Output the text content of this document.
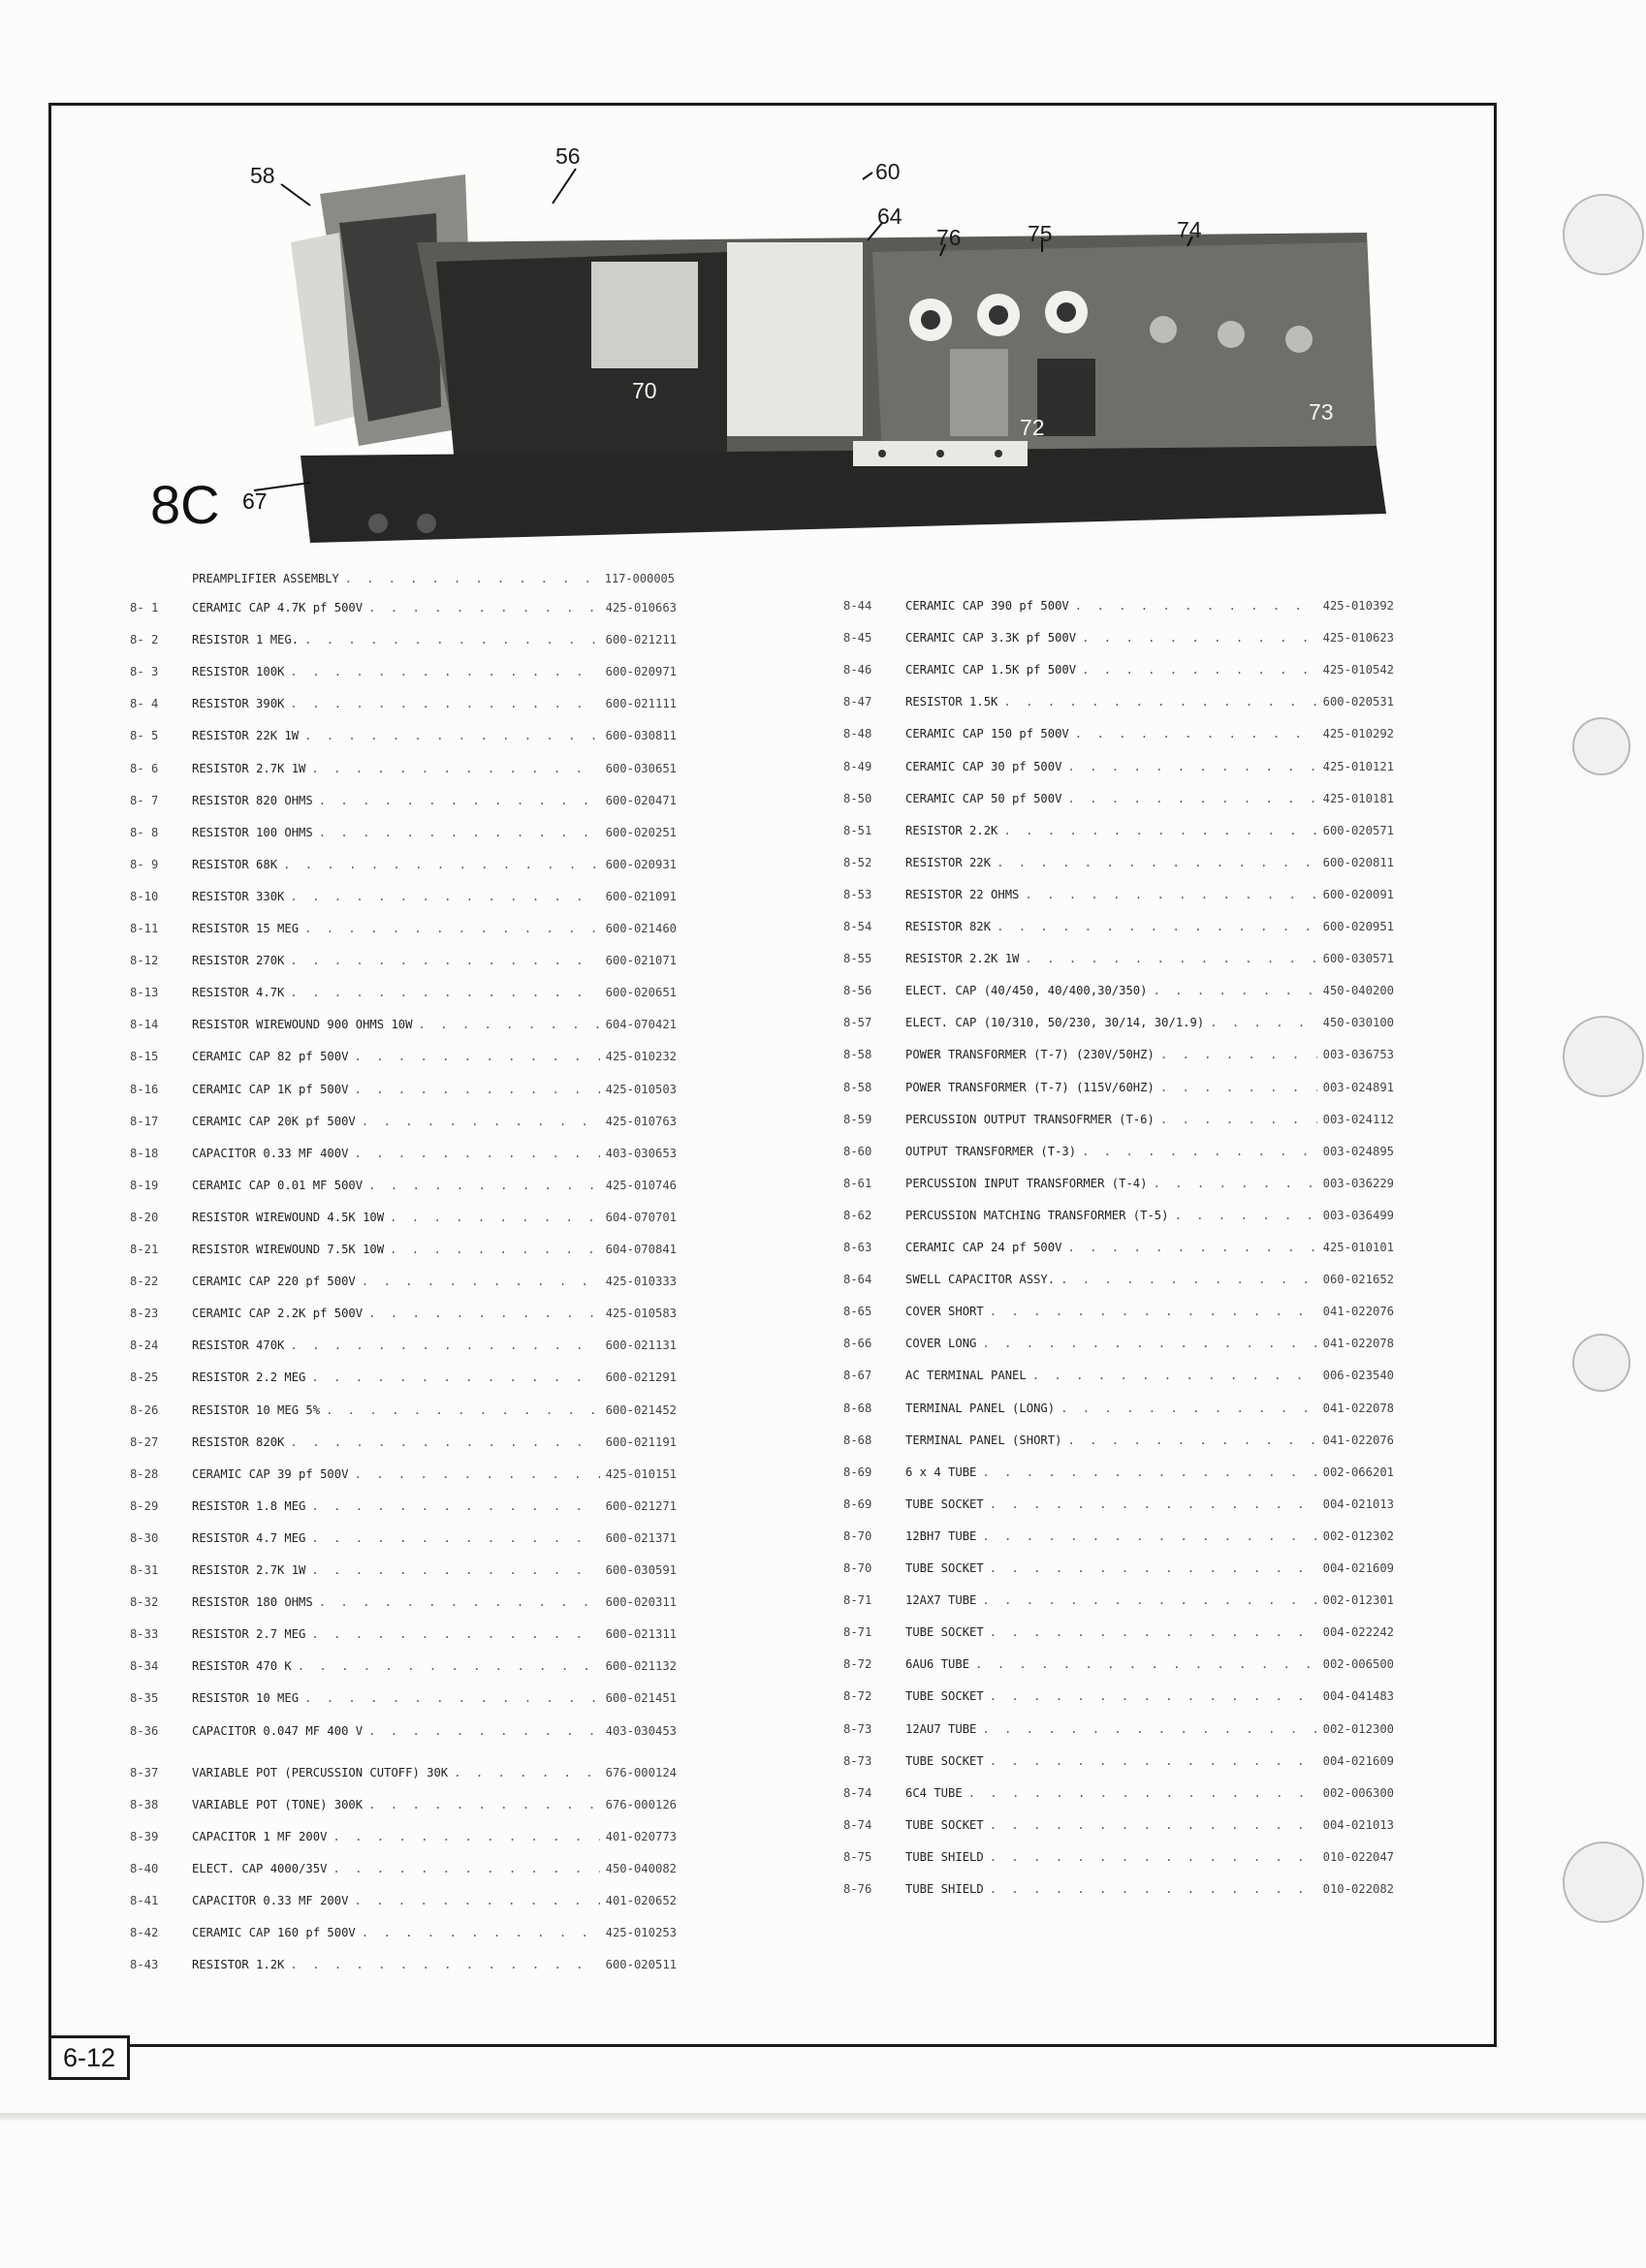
58
56
60
64
76	75	74
70
72
73
8C 67
PREAMPLIFIER ASSEMBLY . . .	117-000005
8- 1	CERAMIC CAP 4.7K pf 500V . . .	425-010663
8- 2	RESISTOR 1 MEG. . . .	600-021211
8- 3	RESISTOR 100K . . .	600-020971
8- 4	RESISTOR 390K . . .	600-021111
8- 5	RESISTOR 22K 1W . . .	600-030811
8- 6	RESISTOR 2.7K 1W . . .	600-030651
8- 7	RESISTOR 820 OHMS . . .	600-020471
8- 8	RESISTOR 100 OHMS . . .	600-020251
8- 9	RESISTOR 68K . . .	600-020931
8-10	RESISTOR 330K . . .	600-021091
8-11	RESISTOR 15 MEG . . .	600-021460
8-12	RESISTOR 270K . . .	600-021071
8-13	RESISTOR 4.7K . . .	600-020651
8-14	RESISTOR WIREWOUND 900 OHMS 10W . . .	604-070421
8-15	CERAMIC CAP 82 pf 500V . . .	425-010232
8-16	CERAMIC CAP 1K pf 500V . . .	425-010503
8-17	CERAMIC CAP 20K pf 500V . . .	425-010763
8-18	CAPACITOR 0.33 MF 400V . . .	403-030653
8-19	CERAMIC CAP 0.01 MF 500V . . .	425-010746
8-20	RESISTOR WIREWOUND 4.5K 10W . . .	604-070701
8-21	RESISTOR WIREWOUND 7.5K 10W . . .	604-070841
8-22	CERAMIC CAP 220 pf 500V . . .	425-010333
8-23	CERAMIC CAP 2.2K pf 500V . . .	425-010583
8-24	RESISTOR 470K . . .	600-021131
8-25	RESISTOR 2.2 MEG . . .	600-021291
8-26	RESISTOR 10 MEG 5% . . .	600-021452
8-27	RESISTOR 820K . . .	600-021191
8-28	CERAMIC CAP 39 pf 500V . . .	425-010151
8-29	RESISTOR 1.8 MEG . . .	600-021271
8-30	RESISTOR 4.7 MEG . . .	600-021371
8-31	RESISTOR 2.7K 1W . . .	600-030591
8-32	RESISTOR 180 OHMS . . .	600-020311
8-33	RESISTOR 2.7 MEG . . .	600-021311
8-34	RESISTOR 470 K . . .	600-021132
8-35	RESISTOR 10 MEG . . .	600-021451
8-36	CAPACITOR 0.047 MF 400 V . . .	403-030453
8-37	VARIABLE POT (PERCUSSION CUTOFF) 30K . . .	676-000124
8-38	VARIABLE POT (TONE) 300K . . .	676-000126
8-39	CAPACITOR 1 MF 200V . . .	401-020773
8-40	ELECT. CAP 4000/35V . . .	450-040082
8-41	CAPACITOR 0.33 MF 200V . . .	401-020652
8-42	CERAMIC CAP 160 pf 500V . . .	425-010253
8-43	RESISTOR 1.2K . . .	600-020511
8-44	CERAMIC CAP 390 pf 500V . . .	425-010392
8-45	CERAMIC CAP 3.3K pf 500V . . .	425-010623
8-46	CERAMIC CAP 1.5K pf 500V . . .	425-010542
8-47	RESISTOR 1.5K . . .	600-020531
8-48	CERAMIC CAP 150 pf 500V . . .	425-010292
8-49	CERAMIC CAP 30 pf 500V . . .	425-010121
8-50	CERAMIC CAP 50 pf 500V . . .	425-010181
8-51	RESISTOR 2.2K . . .	600-020571
8-52	RESISTOR 22K . . .	600-020811
8-53	RESISTOR 22 OHMS . . .	600-020091
8-54	RESISTOR 82K . . .	600-020951
8-55	RESISTOR 2.2K 1W . . .	600-030571
8-56	ELECT. CAP (40/450, 40/400,30/350) . . .	450-040200
8-57	ELECT. CAP (10/310, 50/230, 30/14, 30/1.9) . . .	450-030100
8-58	POWER TRANSFORMER (T-7) (230V/50HZ) . . .	003-036753
8-58	POWER TRANSFORMER (T-7) (115V/60HZ) . . .	003-024891
8-59	PERCUSSION OUTPUT TRANSOFRMER (T-6) . . .	003-024112
8-60	OUTPUT TRANSFORMER (T-3) . . .	003-024895
8-61	PERCUSSION INPUT TRANSFORMER (T-4) . . .	003-036229
8-62	PERCUSSION MATCHING TRANSFORMER (T-5) . . .	003-036499
8-63	CERAMIC CAP 24 pf 500V . . .	425-010101
8-64	SWELL CAPACITOR ASSY. . . .	060-021652
8-65	COVER SHORT . . .	041-022076
8-66	COVER LONG . . .	041-022078
8-67	AC TERMINAL PANEL . . .	006-023540
8-68	TERMINAL PANEL (LONG) . . .	041-022078
8-68	TERMINAL PANEL (SHORT) . . .	041-022076
8-69	6 x 4 TUBE . . .	002-066201
8-69	TUBE SOCKET . . .	004-021013
8-70	12BH7 TUBE . . .	002-012302
8-70	TUBE SOCKET . . .	004-021609
8-71	12AX7 TUBE . . .	002-012301
8-71	TUBE SOCKET . . .	004-022242
8-72	6AU6 TUBE . . .	002-006500
8-72	TUBE SOCKET . . .	004-041483
8-73	12AU7 TUBE . . .	002-012300
8-73	TUBE SOCKET . . .	004-021609
8-74	6C4 TUBE . . .	002-006300
8-74	TUBE SOCKET . . .	004-021013
8-75	TUBE SHIELD . . .	010-022047
8-76	TUBE SHIELD . . .	010-022082
6-12
